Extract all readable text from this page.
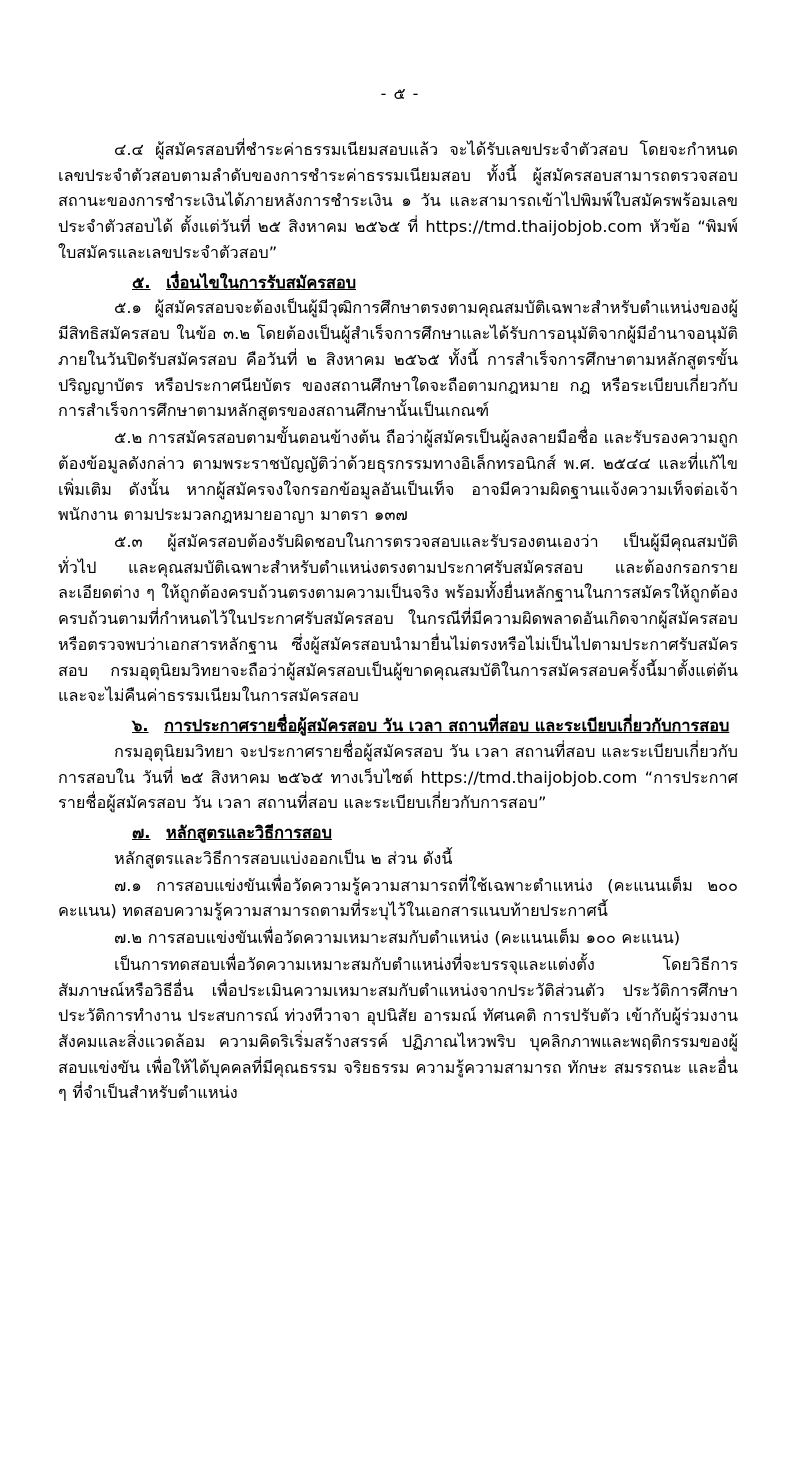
- ๕ -

๔.๔ ผู้สมัครสอบที่ชำระค่าธรรมเนียมสอบแล้ว จะได้รับเลขประจำตัวสอบ โดยจะกำหนดเลขประจำตัวสอบตามลำดับของการชำระค่าธรรมเนียมสอบ ทั้งนี้ ผู้สมัครสอบสามารถตรวจสอบสถานะของการชำระเงินได้ภายหลังการชำระเงิน ๑ วัน และสามารถเข้าไปพิมพ์ใบสมัครพร้อมเลขประจำตัวสอบได้ ตั้งแต่วันที่ ๒๕ สิงหาคม ๒๕๖๕ ที่ https://tmd.thaijobjob.com หัวข้อ “พิมพ์ใบสมัครและเลขประจำตัวสอบ”

๕. เงื่อนไขในการรับสมัครสอบ

๕.๑ ผู้สมัครสอบจะต้องเป็นผู้มีวุฒิการศึกษาตรงตามคุณสมบัติเฉพาะสำหรับตำแหน่งของผู้มีสิทธิสมัครสอบ ในข้อ ๓.๒ โดยต้องเป็นผู้สำเร็จการศึกษาและได้รับการอนุมัติจากผู้มีอำนาจอนุมัติภายในวันปิดรับสมัครสอบ คือวันที่ ๒ สิงหาคม ๒๕๖๕ ทั้งนี้ การสำเร็จการศึกษาตามหลักสูตรขั้นปริญญาบัตร หรือประกาศนียบัตร ของสถานศึกษาใดจะถือตามกฎหมาย กฎ หรือระเบียบเกี่ยวกับการสำเร็จการศึกษาตามหลักสูตรของสถานศึกษานั้นเป็นเกณฑ์

๕.๒ การสมัครสอบตามขั้นตอนข้างต้น ถือว่าผู้สมัครเป็นผู้ลงลายมือชื่อ และรับรองความถูกต้องข้อมูลดังกล่าว ตามพระราชบัญญัติว่าด้วยธุรกรรมทางอิเล็กทรอนิกส์ พ.ศ. ๒๕๔๔ และที่แก้ไขเพิ่มเติม ดังนั้น หากผู้สมัครจงใจกรอกข้อมูลอันเป็นเท็จ อาจมีความผิดฐานแจ้งความเท็จต่อเจ้าพนักงาน ตามประมวลกฎหมายอาญา มาตรา ๑๓๗

๕.๓ ผู้สมัครสอบต้องรับผิดชอบในการตรวจสอบและรับรองตนเองว่า เป็นผู้มีคุณสมบัติทั่วไป และคุณสมบัติเฉพาะสำหรับตำแหน่งตรงตามประกาศรับสมัครสอบ และต้องกรอกรายละเอียดต่าง ๆ ให้ถูกต้องครบถ้วนตรงตามความเป็นจริง พร้อมทั้งยื่นหลักฐานในการสมัครให้ถูกต้องครบถ้วนตามที่กำหนดไว้ในประกาศรับสมัครสอบ ในกรณีที่มีความผิดพลาดอันเกิดจากผู้สมัครสอบ หรือตรวจพบว่าเอกสารหลักฐาน ซึ่งผู้สมัครสอบนำมายื่นไม่ตรงหรือไม่เป็นไปตามประกาศรับสมัครสอบ กรมอุตุนิยมวิทยาจะถือว่าผู้สมัครสอบเป็นผู้ขาดคุณสมบัติในการสมัครสอบครั้งนี้มาตั้งแต่ต้น และจะไม่คืนค่าธรรมเนียมในการสมัครสอบ

๖. การประกาศรายชื่อผู้สมัครสอบ วัน เวลา สถานที่สอบ และระเบียบเกี่ยวกับการสอบ

กรมอุตุนิยมวิทยา จะประกาศรายชื่อผู้สมัครสอบ วัน เวลา สถานที่สอบ และระเบียบเกี่ยวกับการสอบใน วันที่ ๒๕ สิงหาคม ๒๕๖๕ ทางเว็บไซต์ https://tmd.thaijobjob.com “การประกาศรายชื่อผู้สมัครสอบ วัน เวลา สถานที่สอบ และระเบียบเกี่ยวกับการสอบ”

๗. หลักสูตรและวิธีการสอบ

หลักสูตรและวิธีการสอบแบ่งออกเป็น ๒ ส่วน ดังนี้

๗.๑ การสอบแข่งขันเพื่อวัดความรู้ความสามารถที่ใช้เฉพาะตำแหน่ง (คะแนนเต็ม ๒๐๐ คะแนน) ทดสอบความรู้ความสามารถตามที่ระบุไว้ในเอกสารแนบท้ายประกาศนี้

๗.๒ การสอบแข่งขันเพื่อวัดความเหมาะสมกับตำแหน่ง (คะแนนเต็ม ๑๐๐ คะแนน)

เป็นการทดสอบเพื่อวัดความเหมาะสมกับตำแหน่งที่จะบรรจุและแต่งตั้ง โดยวิธีการสัมภาษณ์หรือวิธีอื่น เพื่อประเมินความเหมาะสมกับตำแหน่งจากประวัติส่วนตัว ประวัติการศึกษา ประวัติการทำงาน ประสบการณ์ ท่วงทีวาจา อุปนิสัย อารมณ์ ทัศนคติ การปรับตัว เข้ากับผู้ร่วมงาน สังคมและสิ่งแวดล้อม ความคิดริเริ่มสร้างสรรค์ ปฏิภาณไหวพริบ บุคลิกภาพและพฤติกรรมของผู้สอบแข่งขัน เพื่อให้ได้บุคคลที่มีคุณธรรม จริยธรรม ความรู้ความสามารถ ทักษะ สมรรถนะ และอื่น ๆ ที่จำเป็นสำหรับตำแหน่ง
